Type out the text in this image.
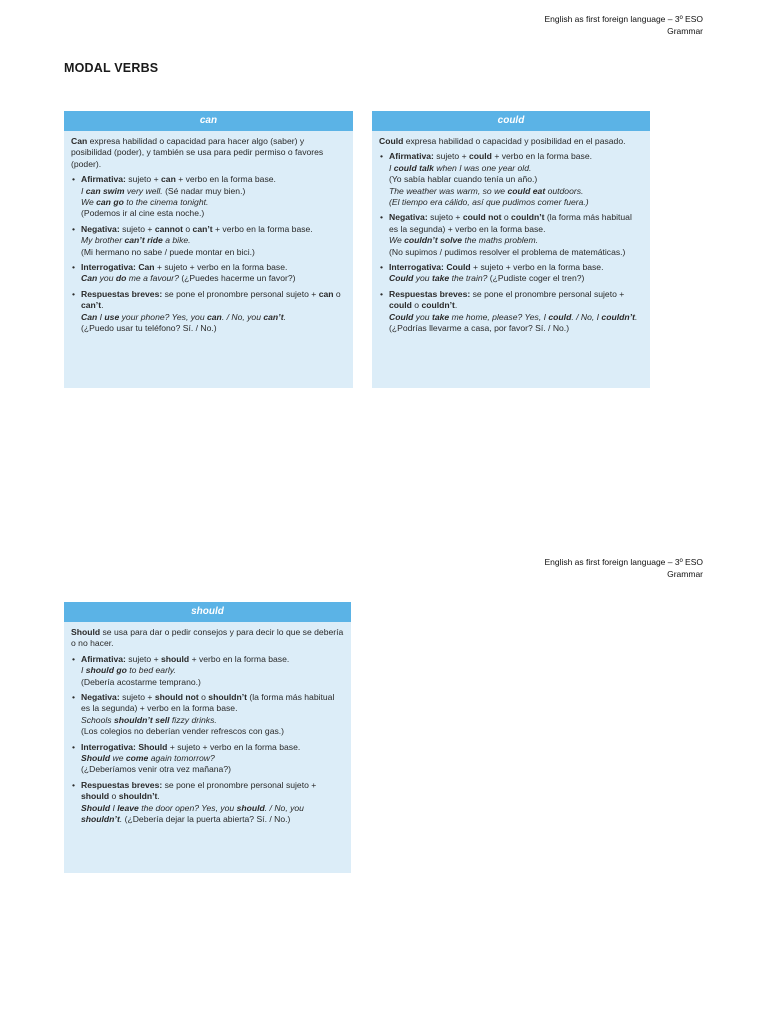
English as first foreign language – 3º ESO
Grammar
MODAL VERBS
can

Can expresa habilidad o capacidad para hacer algo (saber) y posibilidad (poder), y también se usa para pedir permiso o favores (poder).

• Afirmativa: sujeto + can + verbo en la forma base.
I can swim very well. (Sé nadar muy bien.)
We can go to the cinema tonight.
(Podemos ir al cine esta noche.)
• Negativa: sujeto + cannot o can’t + verbo en la forma base.
My brother can’t ride a bike.
(Mi hermano no sabe / puede montar en bici.)
• Interrogativa: Can + sujeto + verbo en la forma base.
Can you do me a favour? (¿Puedes hacerme un favor?)
• Respuestas breves: se pone el pronombre personal sujeto + can o can’t.
Can I use your phone? Yes, you can. / No, you can’t.
(¿Puedo usar tu teléfono? Sí. / No.)
could

Could expresa habilidad o capacidad y posibilidad en el pasado.

• Afirmativa: sujeto + could + verbo en la forma base.
I could talk when I was one year old.
(Yo sabía hablar cuando tenía un año.)
The weather was warm, so we could eat outdoors.
(El tiempo era cálido, así que pudimos comer fuera.)
• Negativa: sujeto + could not o couldn’t (la forma más habitual es la segunda) + verbo en la forma base.
We couldn’t solve the maths problem.
(No supimos / pudimos resolver el problema de matemáticas.)
• Interrogativa: Could + sujeto + verbo en la forma base.
Could you take the train? (¿Pudiste coger el tren?)
• Respuestas breves: se pone el pronombre personal sujeto + could o couldn’t.
Could you take me home, please? Yes, I could. / No, I couldn’t.
(¿Podrías llevarme a casa, por favor? Sí. / No.)
English as first foreign language – 3º ESO
Grammar
should

Should se usa para dar o pedir consejos y para decir lo que se debería o no hacer.

• Afirmativa: sujeto + should + verbo en la forma base.
I should go to bed early.
(Debería acostarme temprano.)
• Negativa: sujeto + should not o shouldn’t (la forma más habitual es la segunda) + verbo en la forma base.
Schools shouldn’t sell fizzy drinks.
(Los colegios no deberían vender refrescos con gas.)
• Interrogativa: Should + sujeto + verbo en la forma base.
Should we come again tomorrow?
(¿Deberíamos venir otra vez mañana?)
• Respuestas breves: se pone el pronombre personal sujeto + should o shouldn’t.
Should I leave the door open? Yes, you should. / No, you shouldn’t. (¿Debería dejar la puerta abierta? Sí. / No.)
